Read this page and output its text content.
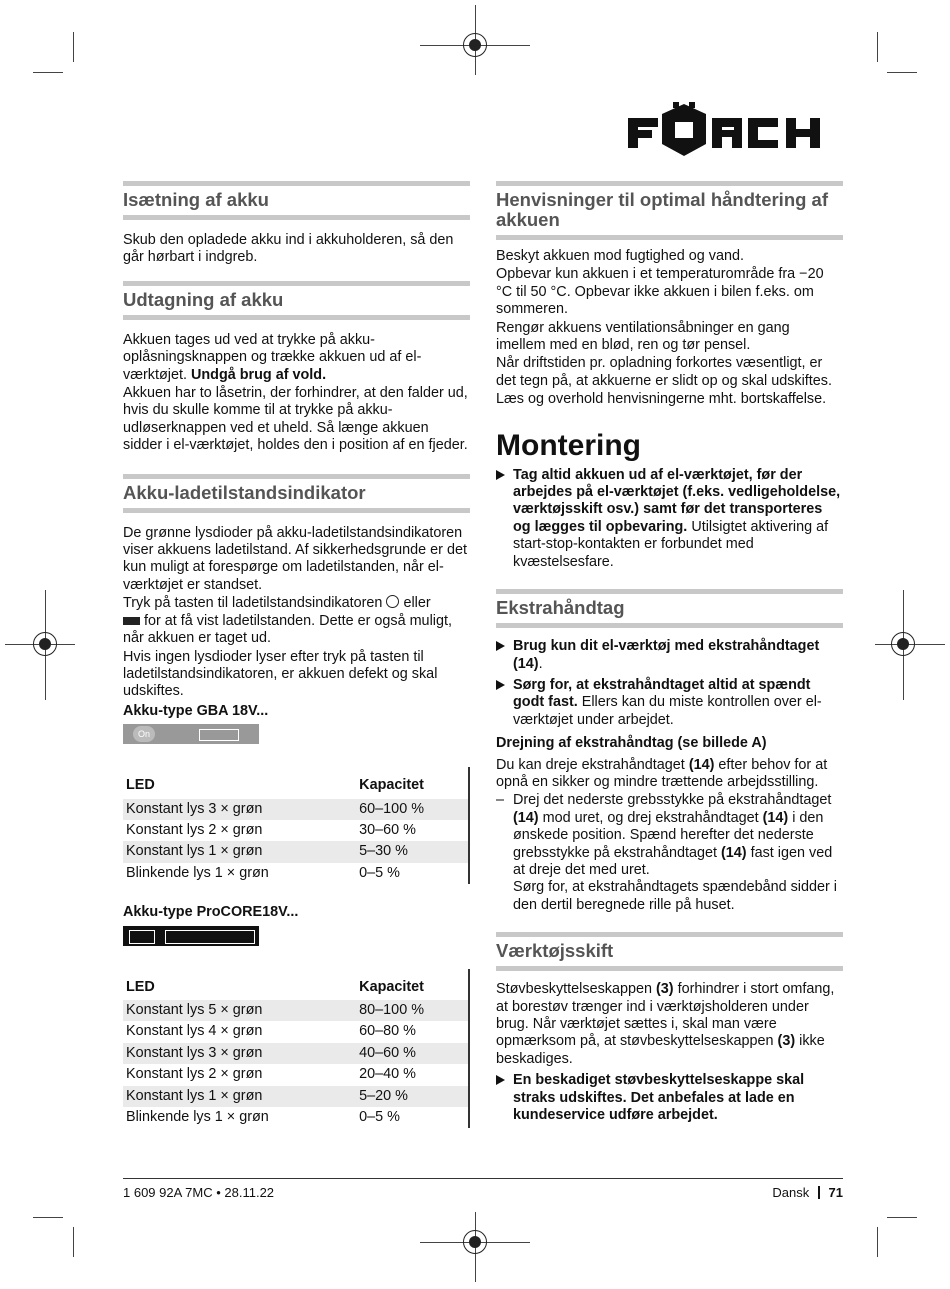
Isætning af akku

Skub den opladede akku ind i akkuholderen, så den går hørbart i indgreb.

Udtagning af akku

Akkuen tages ud ved at trykke på akku-oplåsningsknappen og trække akkuen ud af el-værktøjet. Undgå brug af vold.

Akkuen har to låsetrin, der forhindrer, at den falder ud, hvis du skulle komme til at trykke på akku-udløserknappen ved et uheld. Så længe akkuen sidder i el-værktøjet, holdes den i position af en fjeder.

Akku-ladetilstandsindikator

De grønne lysdioder på akku-ladetilstandsindikatoren viser akkuens ladetilstand. Af sikkerhedsgrunde er det kun muligt at forespørge om ladetilstanden, når el-værktøjet er standset.

Tryk på tasten til ladetilstandsindikatoren eller
for at få vist ladetilstanden. Dette er også muligt, når akkuen er taget ud.

Hvis ingen lysdioder lyser efter tryk på tasten til ladetilstandsindikatoren, er akkuen defekt og skal udskiftes.

Akku-type GBA 18V...

On
LED	Kapacitet
Konstant lys 3 × grøn	60–100 %
Konstant lys 2 × grøn	30–60 %
Konstant lys 1 × grøn	5–30 %
Blinkende lys 1 × grøn	0–5 %

Akku-type ProCORE18V...

LED	Kapacitet
Konstant lys 5 × grøn	80–100 %
Konstant lys 4 × grøn	60–80 %
Konstant lys 3 × grøn	40–60 %
Konstant lys 2 × grøn	20–40 %
Konstant lys 1 × grøn	5–20 %
Blinkende lys 1 × grøn	0–5 %
Henvisninger til optimal håndtering af akkuen

Beskyt akkuen mod fugtighed og vand.

Opbevar kun akkuen i et temperaturområde fra −20 °C til 50 °C. Opbevar ikke akkuen i bilen f.eks. om sommeren.

Rengør akkuens ventilationsåbninger en gang imellem med en blød, ren og tør pensel.

Når driftstiden pr. opladning forkortes væsentligt, er det tegn på, at akkuerne er slidt op og skal udskiftes.

Læs og overhold henvisningerne mht. bortskaffelse.

Montering
Tag altid akkuen ud af el-værktøjet, før der arbejdes på el-værktøjet (f.eks. vedligeholdelse, værktøjsskift osv.) samt før det transporteres og lægges til opbevaring. Utilsigtet aktivering af start-stop-kontakten er forbundet med kvæstelsesfare.
Ekstrahåndtag
Brug kun dit el-værktøj med ekstrahåndtaget (14).
Sørg for, at ekstrahåndtaget altid at spændt godt fast. Ellers kan du miste kontrollen over el-værktøjet under arbejdet.

Drejning af ekstrahåndtag (se billede A)

Du kan dreje ekstrahåndtaget (14) efter behov for at opnå en sikker og mindre trættende arbejdsstilling.

– Drej det nederste grebsstykke på ekstrahåndtaget (14) mod uret, og drej ekstrahåndtaget (14) i den ønskede position. Spænd herefter det nederste grebsstykke på ekstrahåndtaget (14) fast igen ved at dreje det med uret.
Sørg for, at ekstrahåndtagets spændebånd sidder i den dertil beregnede rille på huset.
Værktøjsskift

Støvbeskyttelseskappen (3) forhindrer i stort omfang, at borestøv trænger ind i værktøjsholderen under brug. Når værktøjet sættes i, skal man være opmærksom på, at støvbeskyttelseskappen (3) ikke beskadiges.

En beskadiget støvbeskyttelseskappe skal straks udskiftes. Det anbefales at lade en kundeservice udføre arbejdet.
1 609 92A 7MC • 28.11.22	Dansk 71
